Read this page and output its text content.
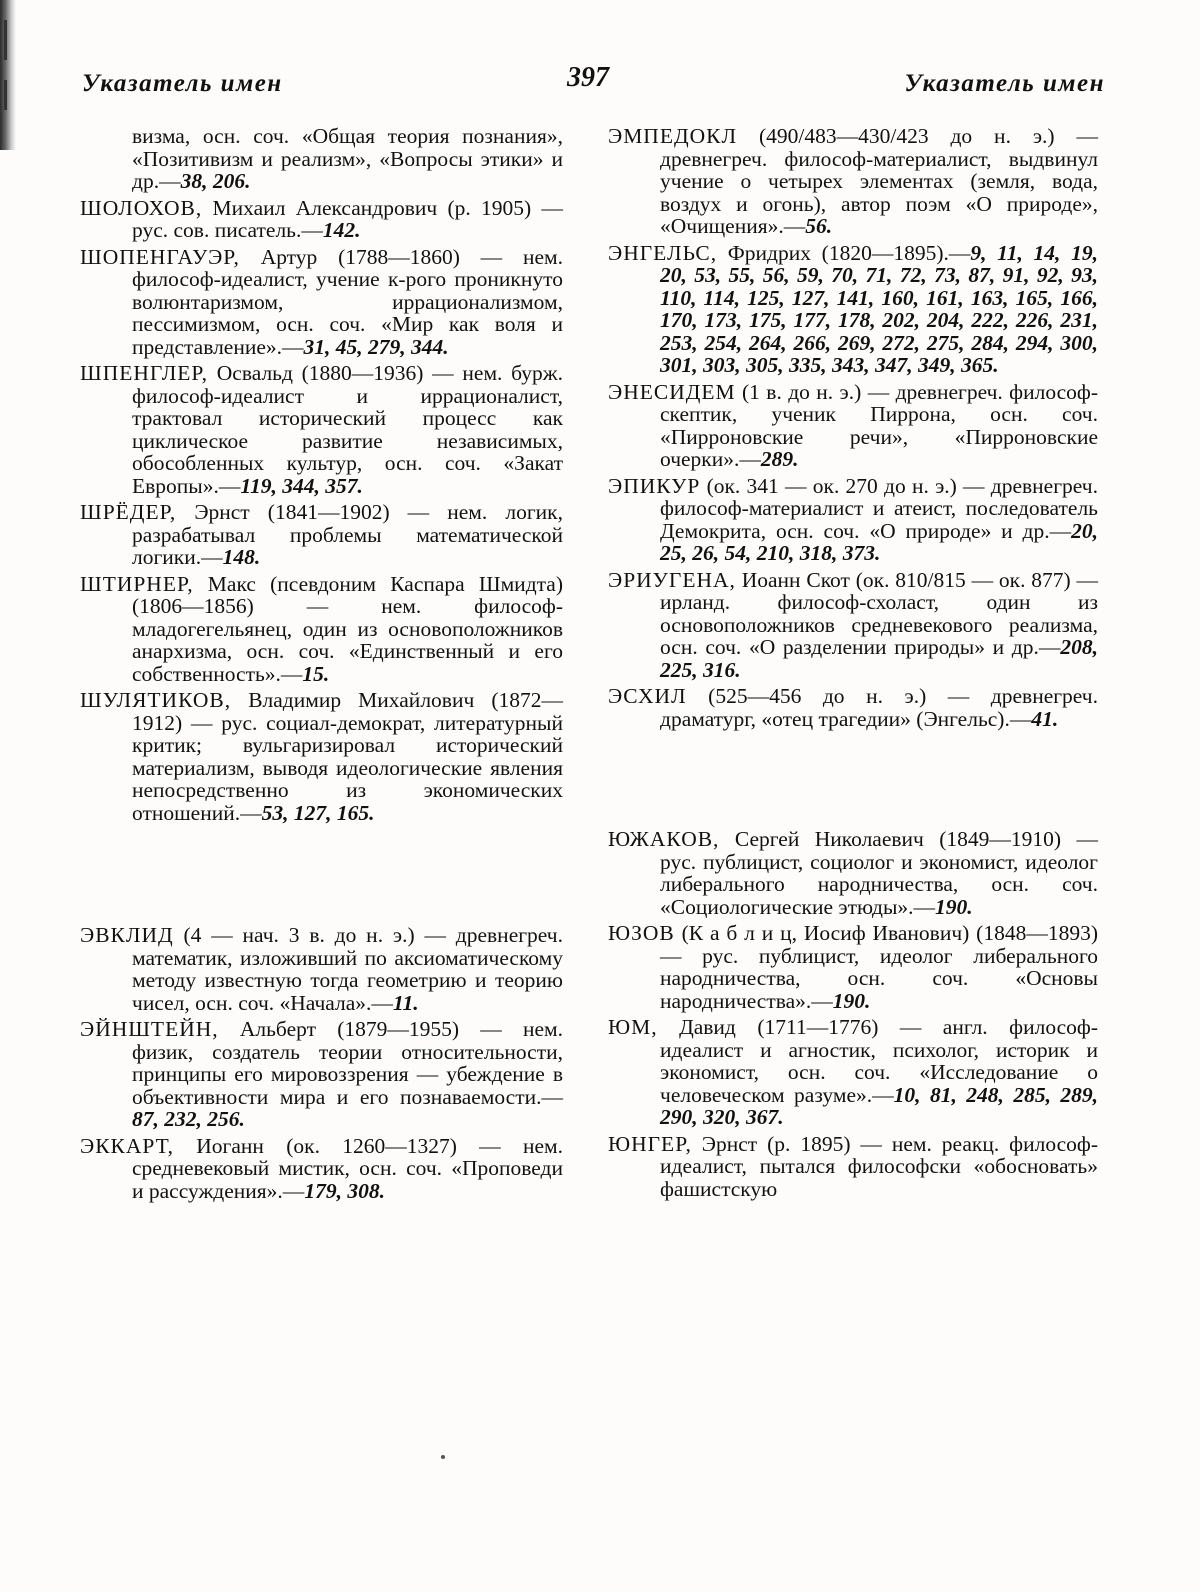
Указатель имен	397	Указатель имен

визма, осн. соч. «Общая теория познания», «Позитивизм и реализм», «Вопросы этики» и др.—38, 206.

ШОЛОХОВ, Михаил Александрович (р. 1905) — рус. сов. писатель.—142.

ШОПЕНГАУЭР, Артур (1788—1860) — нем. философ-идеалист, учение к-рого проникнуто волюнтаризмом, иррационализмом, пессимизмом, осн. соч. «Мир как воля и представление».—31, 45, 279, 344.

ШПЕНГЛЕР, Освальд (1880—1936) — нем. бурж. философ-идеалист и иррационалист, трактовал исторический процесс как циклическое развитие независимых, обособленных культур, осн. соч. «Закат Европы».—119, 344, 357.

ШРЁДЕР, Эрнст (1841—1902) — нем. логик, разрабатывал проблемы математической логики.—148.

ШТИРНЕР, Макс (псевдоним Каспара Шмидта) (1806—1856) — нем. философ-младогегельянец, один из основоположников анархизма, осн. соч. «Единственный и его собственность».—15.

ШУЛЯТИКОВ, Владимир Михайлович (1872—1912) — рус. социал-демократ, литературный критик; вульгаризировал исторический материализм, выводя идеологические явления непосредственно из экономических отношений.—53, 127, 165.

ЭВКЛИД (4 — нач. 3 в. до н. э.) — древнегреч. математик, изложивший по аксиоматическому методу известную тогда геометрию и теорию чисел, осн. соч. «Начала».—11.

ЭЙНШТЕЙН, Альберт (1879—1955) — нем. физик, создатель теории относительности, принципы его мировоззрения — убеждение в объективности мира и его познаваемости.—87, 232, 256.

ЭККАРТ, Иоганн (ок. 1260—1327) — нем. средневековый мистик, осн. соч. «Проповеди и рассуждения».—179, 308.

ЭМПЕДОКЛ (490/483—430/423 до н. э.) — древнегреч. философ-материалист, выдвинул учение о четырех элементах (земля, вода, воздух и огонь), автор поэм «О природе», «Очищения».—56.

ЭНГЕЛЬС, Фридрих (1820—1895).—9, 11, 14, 19, 20, 53, 55, 56, 59, 70, 71, 72, 73, 87, 91, 92, 93, 110, 114, 125, 127, 141, 160, 161, 163, 165, 166, 170, 173, 175, 177, 178, 202, 204, 222, 226, 231, 253, 254, 264, 266, 269, 272, 275, 284, 294, 300, 301, 303, 305, 335, 343, 347, 349, 365.

ЭНЕСИДЕМ (1 в. до н. э.) — древнегреч. философ-скептик, ученик Пиррона, осн. соч. «Пирроновские речи», «Пирроновские очерки».—289.

ЭПИКУР (ок. 341 — ок. 270 до н. э.) — древнегреч. философ-материалист и атеист, последователь Демокрита, осн. соч. «О природе» и др.—20, 25, 26, 54, 210, 318, 373.

ЭРИУГЕНА, Иоанн Скот (ок. 810/815 — ок. 877) — ирланд. философ-схоласт, один из основоположников средневекового реализма, осн. соч. «О разделении природы» и др.—208, 225, 316.

ЭСХИЛ (525—456 до н. э.) — древнегреч. драматург, «отец трагедии» (Энгельс).—41.

ЮЖАКОВ, Сергей Николаевич (1849—1910) — рус. публицист, социолог и экономист, идеолог либерального народничества, осн. соч. «Социологические этюды».—190.

ЮЗОВ (К а б л и ц, Иосиф Иванович) (1848—1893) — рус. публицист, идеолог либерального народничества, осн. соч. «Основы народничества».—190.

ЮМ, Давид (1711—1776) — англ. философ-идеалист и агностик, психолог, историк и экономист, осн. соч. «Исследование о человеческом разуме».—10, 81, 248, 285, 289, 290, 320, 367.

ЮНГЕР, Эрнст (р. 1895) — нем. реакц. философ-идеалист, пытался философски «обосновать» фашистскую
